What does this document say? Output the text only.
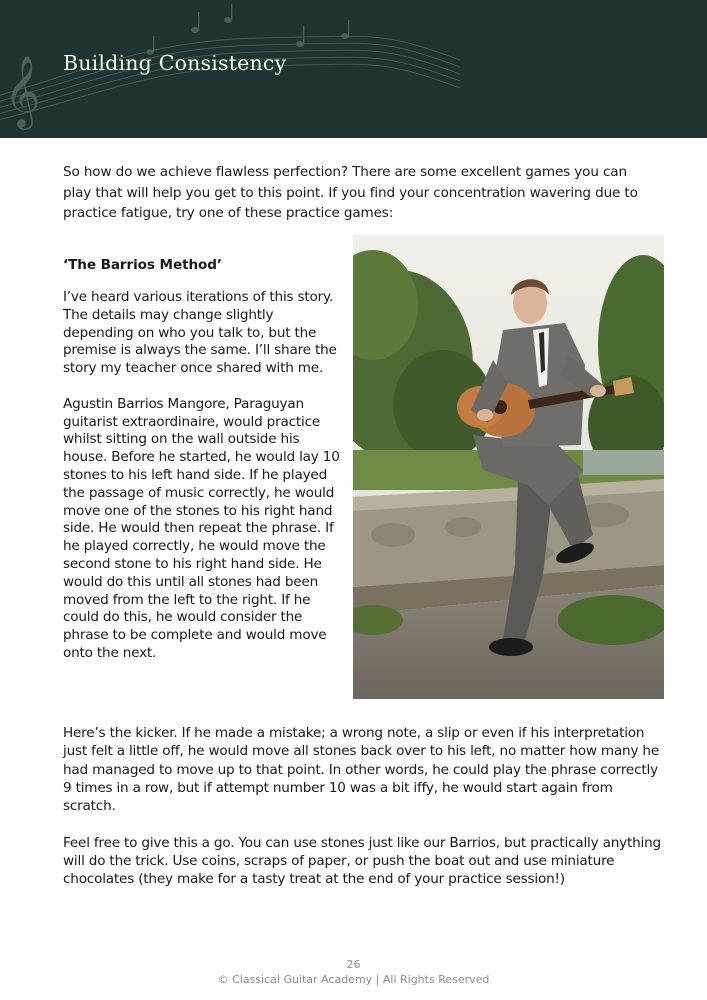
𝄞 Building Consistency
So how do we achieve flawless perfection? There are some excellent games you can play that will help you get to this point. If you find your concentration wavering due to practice fatigue, try one of these practice games:
‘The Barrios Method’

I’ve heard various iterations of this story. The details may change slightly depending on who you talk to, but the premise is always the same. I’ll share the story my teacher once shared with me.

Agustin Barrios Mangore, Paraguyan guitarist extraordinaire, would practice whilst sitting on the wall outside his house. Before he started, he would lay 10 stones to his left hand side. If he played the passage of music correctly, he would move one of the stones to his right hand side. He would then repeat the phrase. If he played correctly, he would move the second stone to his right hand side. He would do this until all stones had been moved from the left to the right. If he could do this, he would consider the phrase to be complete and would move onto the next.

Here’s the kicker. If he made a mistake; a wrong note, a slip or even if his interpretation just felt a little off, he would move all stones back over to his left, no matter how many he had managed to move up to that point. In other words, he could play the phrase correctly 9 times in a row, but if attempt number 10 was a bit iffy, he would start again from scratch.

Feel free to give this a go. You can use stones just like our Barrios, but practically anything will do the trick. Use coins, scraps of paper, or push the boat out and use miniature chocolates (they make for a tasty treat at the end of your practice session!)

26
© Classical Guitar Academy | All Rights Reserved
